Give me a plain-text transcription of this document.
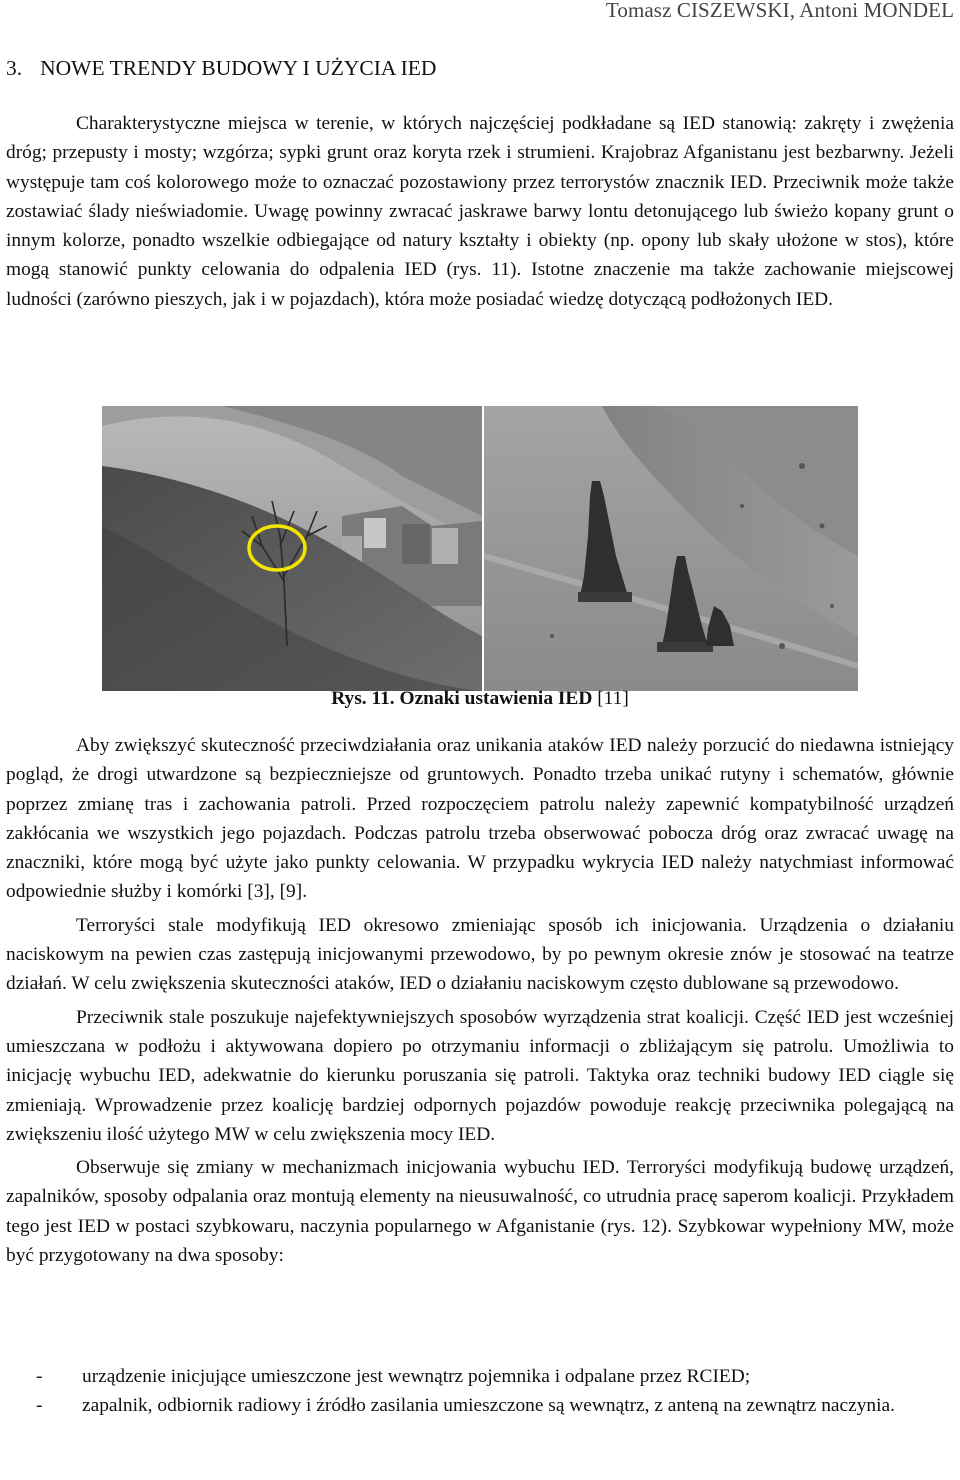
Tomasz CISZEWSKI, Antoni MONDEL
3. NOWE TRENDY BUDOWY I UŻYCIA IED

Charakterystyczne miejsca w terenie, w których najczęściej podkładane są IED stanowią: zakręty i zwężenia dróg; przepusty i mosty; wzgórza; sypki grunt oraz koryta rzek i strumieni. Krajobraz Afganistanu jest bezbarwny. Jeżeli występuje tam coś kolorowego może to oznaczać pozostawiony przez terrorystów znacznik IED. Przeciwnik może także zostawiać ślady nieświadomie. Uwagę powinny zwracać jaskrawe barwy lontu detonującego lub świeżo kopany grunt o innym kolorze, ponadto wszelkie odbiegające od natury kształty i obiekty (np. opony lub skały ułożone w stos), które mogą stanowić punkty celowania do odpalenia IED (rys. 11). Istotne znaczenie ma także zachowanie miejscowej ludności (zarówno pieszych, jak i w pojazdach), która może posiadać wiedzę dotyczącą podłożonych IED.

Rys. 11. Oznaki ustawienia IED [11]

Aby zwiększyć skuteczność przeciwdziałania oraz unikania ataków IED należy porzucić do niedawna istniejący pogląd, że drogi utwardzone są bezpieczniejsze od gruntowych. Ponadto trzeba unikać rutyny i schematów, głównie poprzez zmianę tras i zachowania patroli. Przed rozpoczęciem patrolu należy zapewnić kompatybilność urządzeń zakłócania we wszystkich jego pojazdach. Podczas patrolu trzeba obserwować pobocza dróg oraz zwracać uwagę na znaczniki, które mogą być użyte jako punkty celowania. W przypadku wykrycia IED należy natychmiast informować odpowiednie służby i komórki [3], [9].

Terroryści stale modyfikują IED okresowo zmieniając sposób ich inicjowania. Urządzenia o działaniu naciskowym na pewien czas zastępują inicjowanymi przewodowo, by po pewnym okresie znów je stosować na teatrze działań. W celu zwiększenia skuteczności ataków, IED o działaniu naciskowym często dublowane są przewodowo.

Przeciwnik stale poszukuje najefektywniejszych sposobów wyrządzenia strat koalicji. Część IED jest wcześniej umieszczana w podłożu i aktywowana dopiero po otrzymaniu informacji o zbliżającym się patrolu. Umożliwia to inicjację wybuchu IED, adekwatnie do kierunku poruszania się patroli. Taktyka oraz techniki budowy IED ciągle się zmieniają. Wprowadzenie przez koalicję bardziej odpornych pojazdów powoduje reakcję przeciwnika polegającą na zwiększeniu ilość użytego MW w celu zwiększenia mocy IED.

Obserwuje się zmiany w mechanizmach inicjowania wybuchu IED. Terroryści modyfikują budowę urządzeń, zapalników, sposoby odpalania oraz montują elementy na nieusuwalność, co utrudnia pracę saperom koalicji. Przykładem tego jest IED w postaci szybkowaru, naczynia popularnego w Afganistanie (rys. 12). Szybkowar wypełniony MW, może być przygotowany na dwa sposoby:

- urządzenie inicjujące umieszczone jest wewnątrz pojemnika i odpalane przez RCIED;
- zapalnik, odbiornik radiowy i źródło zasilania umieszczone są wewnątrz, z anteną na zewnątrz naczynia.
